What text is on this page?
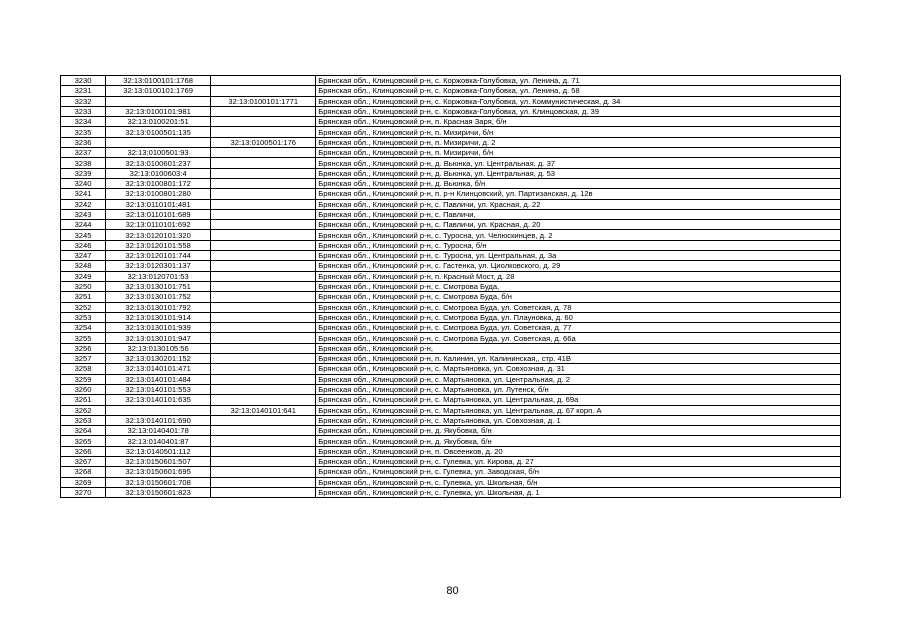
3230	32:13:0100101:1768		Брянская обл., Клинцовский р-н, с. Коржовка-Голубовка, ул. Ленина, д. 71
3231	32:13:0100101:1769		Брянская обл., Клинцовский р-н, с. Коржовка-Голубовка, ул. Ленина, д. 58
3232		32:13:0100101:1771	Брянская обл., Клинцовский р-н, с. Коржовка-Голубовка, ул. Коммунистическая, д. 34
3233	32:13:0100101:981		Брянская обл., Клинцовский р-н, с. Коржовка-Голубовка, ул. Клинцовская, д. 39
3234	32:13:0100201:51		Брянская обл., Клинцовский р-н, п. Красная Заря, б/н
3235	32:13:0100501:135		Брянская обл., Клинцовский р-н, п. Мизиричи, б/н
3236		32:13:0100501:176	Брянская обл., Клинцовский р-н, п. Мизиричи, д. 2
3237	32:13:0100501:93		Брянская обл., Клинцовский р-н, п. Мизиричи, б/н
3238	32:13:0100601:237		Брянская обл., Клинцовский р-н, д. Вьюнка, ул. Центральная, д. 37
3239	32:13:0100603:4		Брянская обл., Клинцовский р-н, д. Вьюнка, ул. Центральная, д. 53
3240	32:13:0100801:172		Брянская обл., Клинцовский р-н, д. Вьюнка, б/н
3241	32:13:0100801:280		Брянская обл., Клинцовский р-н, п. р-н Клинцовский, ул. Партизанская, д. 12в
3242	32:13:0110101:481		Брянская обл., Клинцовский р-н, с. Павличи, ул. Красная, д. 22
3243	32:13:0110101:689		Брянская обл., Клинцовский р-н, с. Павличи,
3244	32:13:0110101:692		Брянская обл., Клинцовский р-н, с. Павличи, ул. Красная, д. 20
3245	32:13:0120101:320		Брянская обл., Клинцовский р-н, с. Туросна, ул. Челюскинцев, д. 2
3246	32:13:0120101:558		Брянская обл., Клинцовский р-н, с. Туросна, б/н
3247	32:13:0120101:744		Брянская обл., Клинцовский р-н, с. Туросна, ул. Центральная, д. 3а
3248	32:13:0120301:137		Брянская обл., Клинцовский р-н, с. Гастенка, ул. Циолковского, д. 29
3249	32:13:0120701:53		Брянская обл., Клинцовский р-н, п. Красный Мост, д. 28
3250	32:13:0130101:751		Брянская обл., Клинцовский р-н, с. Смотрова Буда,
3251	32:13:0130101:752		Брянская обл., Клинцовский р-н, с. Смотрова Буда, б/н
3252	32:13:0130101:792		Брянская обл., Клинцовский р-н, с. Смотрова Буда, ул. Советская, д. 78
3253	32:13:0130101:914		Брянская обл., Клинцовский р-н, с. Смотрова Буда, ул. Плауновка, д. 60
3254	32:13:0130101:939		Брянская обл., Клинцовский р-н, с. Смотрова Буда, ул. Советская, д. 77
3255	32:13:0130101:947		Брянская обл., Клинцовский р-н, с. Смотрова Буда, ул. Советская, д. 66а
3256	32:13:0130105:56		Брянская обл., Клинцовский р-н,
3257	32:13:0130201:152		Брянская обл., Клинцовский р-н, п. Калинин, ул. Калининская,, стр. 41В
3258	32:13:0140101:471		Брянская обл., Клинцовский р-н, с. Мартьяновка, ул. Совхозная, д. 31
3259	32:13:0140101:484		Брянская обл., Клинцовский р-н, с. Мартьяновка, ул. Центральная, д. 2
3260	32:13:0140101:553		Брянская обл., Клинцовский р-н, с. Мартьяновка, ул. Лутенск, б/н
3261	32:13:0140101:635		Брянская обл., Клинцовский р-н, с. Мартьяновка, ул. Центральная, д. 69а
3262		32:13:0140101:641	Брянская обл., Клинцовский р-н, с. Мартьяновка, ул. Центральная, д. 67 корп. А
3263	32:13:0140101:690		Брянская обл., Клинцовский р-н, с. Мартьяновка, ул. Совхозная, д. 1
3264	32:13:0140401:78		Брянская обл., Клинцовский р-н, д. Якубовка, б/н
3265	32:13:0140401:87		Брянская обл., Клинцовский р-н, д. Якубовка, б/н
3266	32:13:0140501:112		Брянская обл., Клинцовский р-н, п. Овсеенков, д. 20
3267	32:13:0150601:507		Брянская обл., Клинцовский р-н, с. Гулевка, ул. Кирова, д. 27
3268	32:13:0150601:695		Брянская обл., Клинцовский р-н, с. Гулевка, ул. Заводская, б/н
3269	32:13:0150601:708		Брянская обл., Клинцовский р-н, с. Гулевка, ул. Школьная, б/н
3270	32:13:0150601:823		Брянская обл., Клинцовский р-н, с. Гулевка, ул. Школьная, д. 1
80
